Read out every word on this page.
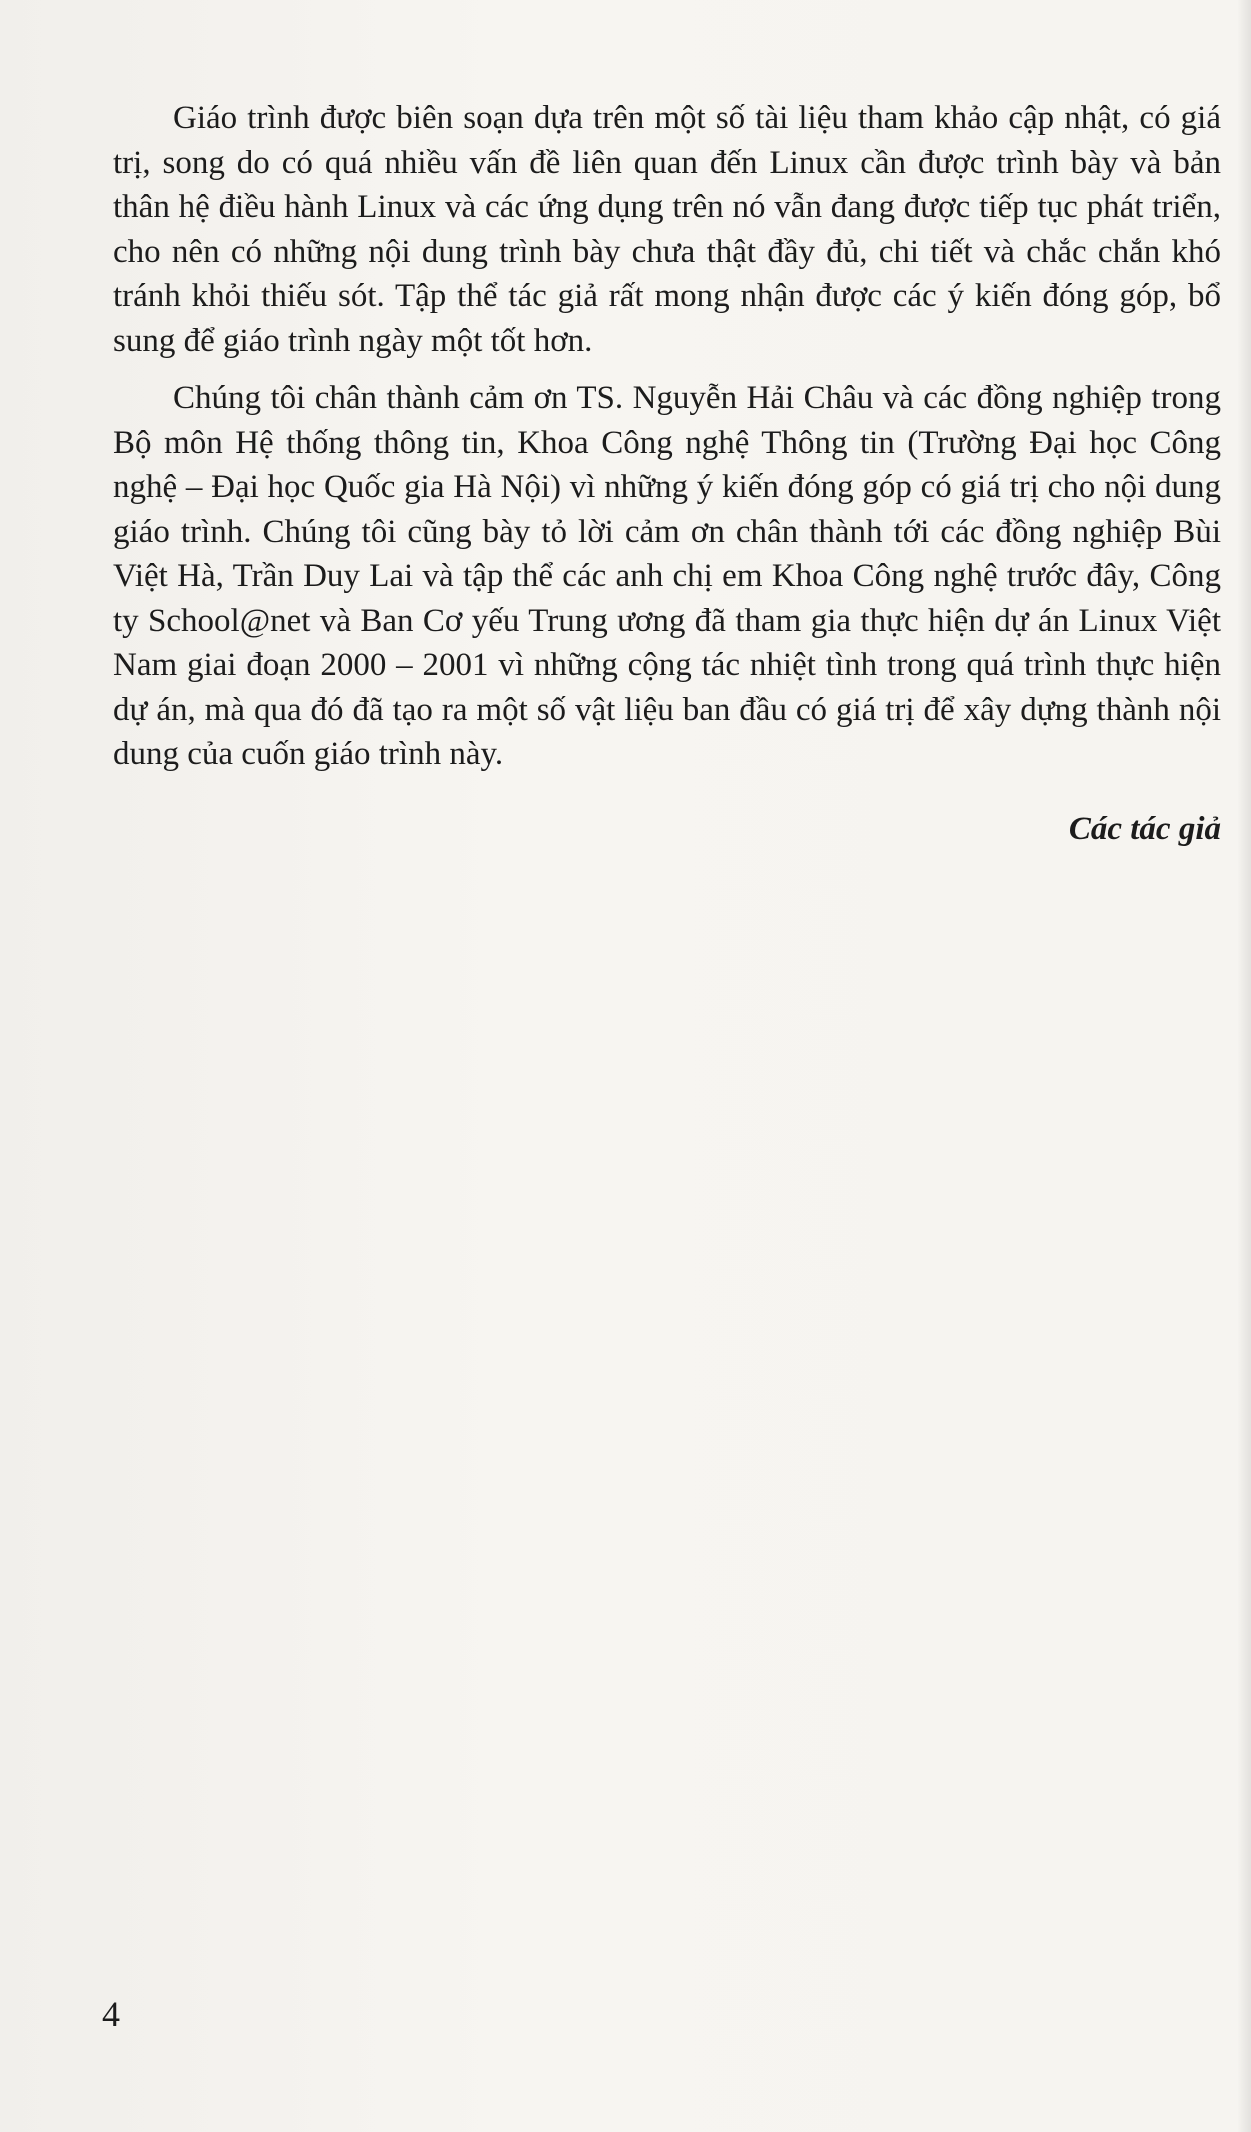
Giáo trình được biên soạn dựa trên một số tài liệu tham khảo cập nhật, có giá trị, song do có quá nhiều vấn đề liên quan đến Linux cần được trình bày và bản thân hệ điều hành Linux và các ứng dụng trên nó vẫn đang được tiếp tục phát triển, cho nên có những nội dung trình bày chưa thật đầy đủ, chi tiết và chắc chắn khó tránh khỏi thiếu sót. Tập thể tác giả rất mong nhận được các ý kiến đóng góp, bổ sung để giáo trình ngày một tốt hơn.

Chúng tôi chân thành cảm ơn TS. Nguyễn Hải Châu và các đồng nghiệp trong Bộ môn Hệ thống thông tin, Khoa Công nghệ Thông tin (Trường Đại học Công nghệ – Đại học Quốc gia Hà Nội) vì những ý kiến đóng góp có giá trị cho nội dung giáo trình. Chúng tôi cũng bày tỏ lời cảm ơn chân thành tới các đồng nghiệp Bùi Việt Hà, Trần Duy Lai và tập thể các anh chị em Khoa Công nghệ trước đây, Công ty School@net và Ban Cơ yếu Trung ương đã tham gia thực hiện dự án Linux Việt Nam giai đoạn 2000 – 2001 vì những cộng tác nhiệt tình trong quá trình thực hiện dự án, mà qua đó đã tạo ra một số vật liệu ban đầu có giá trị để xây dựng thành nội dung của cuốn giáo trình này.

Các tác giả

4
